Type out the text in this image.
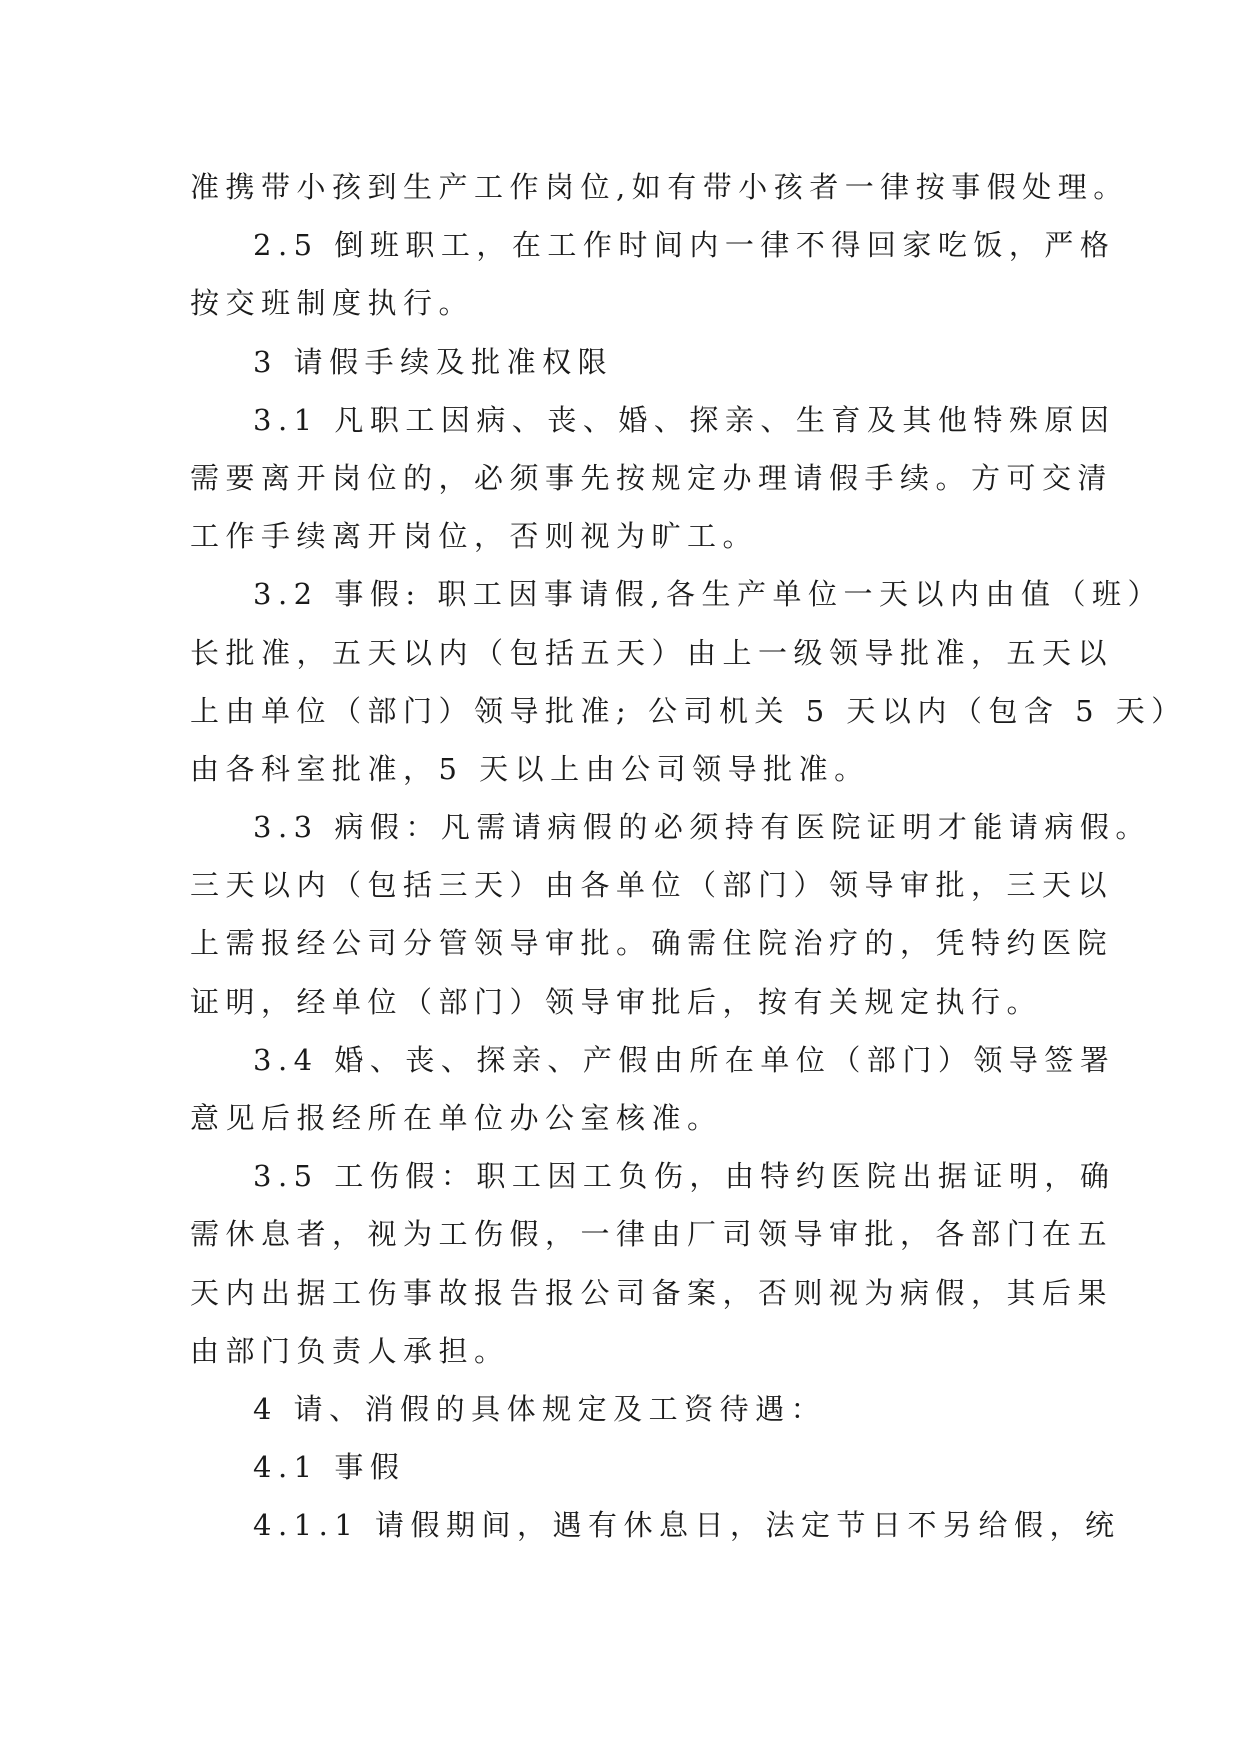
准携带小孩到生产工作岗位,如有带小孩者一律按事假处理。
2.5 倒班职工，在工作时间内一律不得回家吃饭，严格
按交班制度执行。
3 请假手续及批准权限
3.1 凡职工因病、丧、婚、探亲、生育及其他特殊原因
需要离开岗位的，必须事先按规定办理请假手续。方可交清
工作手续离开岗位，否则视为旷工。
3.2 事假: 职工因事请假,各生产单位一天以内由值（班）
长批准，五天以内（包括五天）由上一级领导批准，五天以
上由单位（部门）领导批准; 公司机关 5 天以内（包含 5 天）
由各科室批准，5 天以上由公司领导批准。
3.3 病假：凡需请病假的必须持有医院证明才能请病假。
三天以内（包括三天）由各单位（部门）领导审批，三天以
上需报经公司分管领导审批。确需住院治疗的，凭特约医院
证明，经单位（部门）领导审批后，按有关规定执行。
3.4 婚、丧、探亲、产假由所在单位（部门）领导签署
意见后报经所在单位办公室核准。
3.5 工伤假：职工因工负伤，由特约医院出据证明，确
需休息者，视为工伤假，一律由厂司领导审批，各部门在五
天内出据工伤事故报告报公司备案，否则视为病假，其后果
由部门负责人承担。
4 请、消假的具体规定及工资待遇：
4.1 事假
4.1.1 请假期间，遇有休息日，法定节日不另给假，统
